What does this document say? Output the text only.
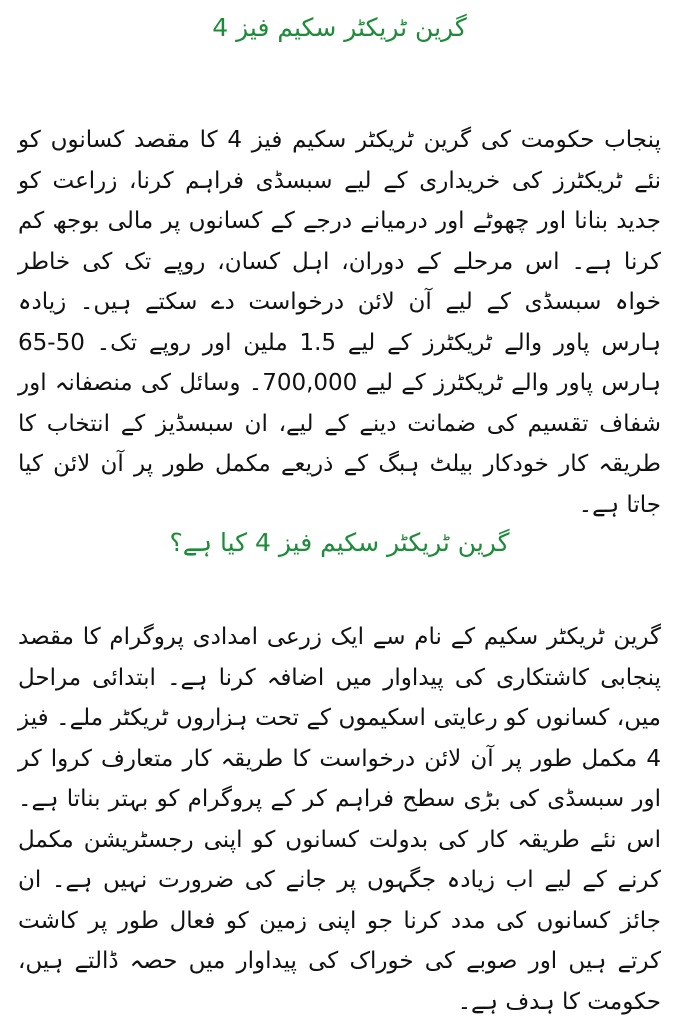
گرین ٹریکٹر سکیم فیز 4

پنجاب حکومت کی گرین ٹریکٹر سکیم فیز 4 کا مقصد کسانوں کو نئے ٹریکٹرز کی خریداری کے لیے سبسڈی فراہم کرنا، زراعت کو جدید بنانا اور چھوٹے اور درمیانے درجے کے کسانوں پر مالی بوجھ کم کرنا ہے۔ اس مرحلے کے دوران، اہل کسان، روپے تک کی خاطر خواہ سبسڈی کے لیے آن لائن درخواست دے سکتے ہیں۔ زیادہ ہارس پاور والے ٹریکٹرز کے لیے 1.5 ملین اور روپے تک۔ 50-65 ہارس پاور والے ٹریکٹرز کے لیے 700,000۔ وسائل کی منصفانہ اور شفاف تقسیم کی ضمانت دینے کے لیے، ان سبسڈیز کے انتخاب کا طریقہ کار خودکار بیلٹ ہبگ کے ذریعے مکمل طور پر آن لائن کیا جاتا ہے۔

گرین ٹریکٹر سکیم فیز 4 کیا ہے؟

گرین ٹریکٹر سکیم کے نام سے ایک زرعی امدادی پروگرام کا مقصد پنجابی کاشتکاری کی پیداوار میں اضافہ کرنا ہے۔ ابتدائی مراحل میں، کسانوں کو رعایتی اسکیموں کے تحت ہزاروں ٹریکٹر ملے۔ فیز 4 مکمل طور پر آن لائن درخواست کا طریقہ کار متعارف کروا کر اور سبسڈی کی بڑی سطح فراہم کر کے پروگرام کو بہتر بناتا ہے۔ اس نئے طریقہ کار کی بدولت کسانوں کو اپنی رجسٹریشن مکمل کرنے کے لیے اب زیادہ جگہوں پر جانے کی ضرورت نہیں ہے۔ ان جائز کسانوں کی مدد کرنا جو اپنی زمین کو فعال طور پر کاشت کرتے ہیں اور صوبے کی خوراک کی پیداوار میں حصہ ڈالتے ہیں، حکومت کا ہدف ہے۔
